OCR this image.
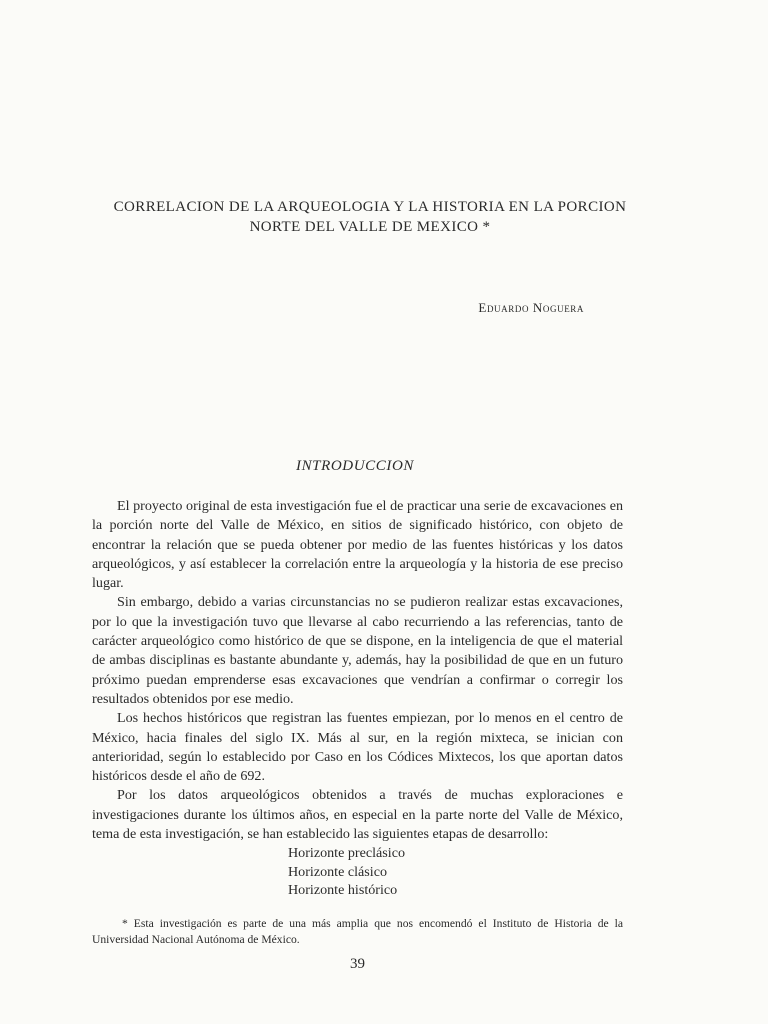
CORRELACION DE LA ARQUEOLOGIA Y LA HISTORIA EN LA PORCION
NORTE DEL VALLE DE MEXICO *
Eduardo Noguera
INTRODUCCION

El proyecto original de esta investigación fue el de practicar una serie de excavaciones en la porción norte del Valle de México, en sitios de significado histórico, con objeto de encontrar la relación que se pueda obtener por medio de las fuentes históricas y los datos arqueológicos, y así establecer la correlación entre la arqueología y la historia de ese preciso lugar.

Sin embargo, debido a varias circunstancias no se pudieron realizar estas excavaciones, por lo que la investigación tuvo que llevarse al cabo recurriendo a las referencias, tanto de carácter arqueológico como histórico de que se dispone, en la inteligencia de que el material de ambas disciplinas es bastante abundante y, además, hay la posibilidad de que en un futuro próximo puedan emprenderse esas excavaciones que vendrían a confirmar o corregir los resultados obtenidos por ese medio.

Los hechos históricos que registran las fuentes empiezan, por lo menos en el centro de México, hacia finales del siglo IX. Más al sur, en la región mixteca, se inician con anterioridad, según lo establecido por Caso en los Códices Mixtecos, los que aportan datos históricos desde el año de 692.

Por los datos arqueológicos obtenidos a través de muchas exploraciones e investigaciones durante los últimos años, en especial en la parte norte del Valle de México, tema de esta investigación, se han establecido las siguientes etapas de desarrollo:

Horizonte preclásico
Horizonte clásico
Horizonte histórico
* Esta investigación es parte de una más amplia que nos encomendó el Instituto de Historia de la Universidad Nacional Autónoma de México.
39
